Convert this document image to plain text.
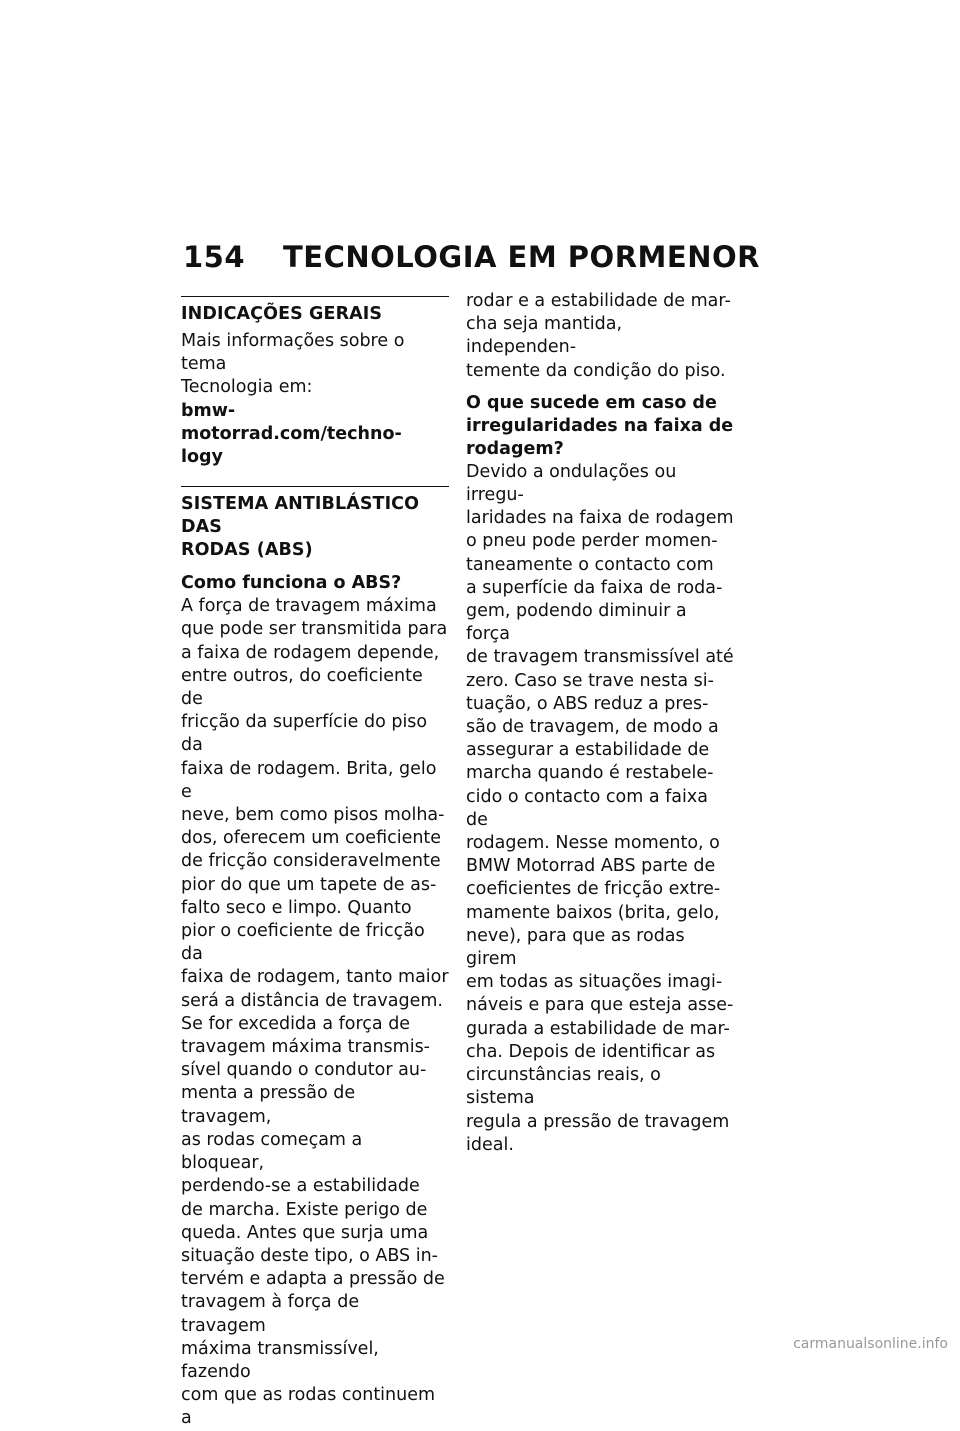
154 TECNOLOGIA EM PORMENOR
INDICAÇÕES GERAIS
Mais informações sobre o tema
Tecnologia em:
bmw-motorrad.com/techno-
logy
SISTEMA ANTIBLÁSTICO DAS
RODAS (ABS)
Como funciona o ABS?
A força de travagem máxima
que pode ser transmitida para
a faixa de rodagem depende,
entre outros, do coeficiente de
fricção da superfície do piso da
faixa de rodagem. Brita, gelo e
neve, bem como pisos molha-
dos, oferecem um coeficiente
de fricção consideravelmente
pior do que um tapete de as-
falto seco e limpo. Quanto
pior o coeficiente de fricção da
faixa de rodagem, tanto maior
será a distância de travagem.
Se for excedida a força de
travagem máxima transmis-
sível quando o condutor au-
menta a pressão de travagem,
as rodas começam a bloquear,
perdendo-se a estabilidade
de marcha. Existe perigo de
queda. Antes que surja uma
situação deste tipo, o ABS in-
tervém e adapta a pressão de
travagem à força de travagem
máxima transmissível, fazendo
com que as rodas continuem a
rodar e a estabilidade de mar-
cha seja mantida, independen-
temente da condição do piso.
O que sucede em caso de
irregularidades na faixa de
rodagem?
Devido a ondulações ou irregu-
laridades na faixa de rodagem
o pneu pode perder momen-
taneamente o contacto com
a superfície da faixa de roda-
gem, podendo diminuir a força
de travagem transmissível até
zero. Caso se trave nesta si-
tuação, o ABS reduz a pres-
são de travagem, de modo a
assegurar a estabilidade de
marcha quando é restabele-
cido o contacto com a faixa de
rodagem. Nesse momento, o
BMW Motorrad ABS parte de
coeficientes de fricção extre-
mamente baixos (brita, gelo,
neve), para que as rodas girem
em todas as situações imagi-
náveis e para que esteja asse-
gurada a estabilidade de mar-
cha. Depois de identificar as
circunstâncias reais, o sistema
regula a pressão de travagem
ideal.
carmanualsonline.info
